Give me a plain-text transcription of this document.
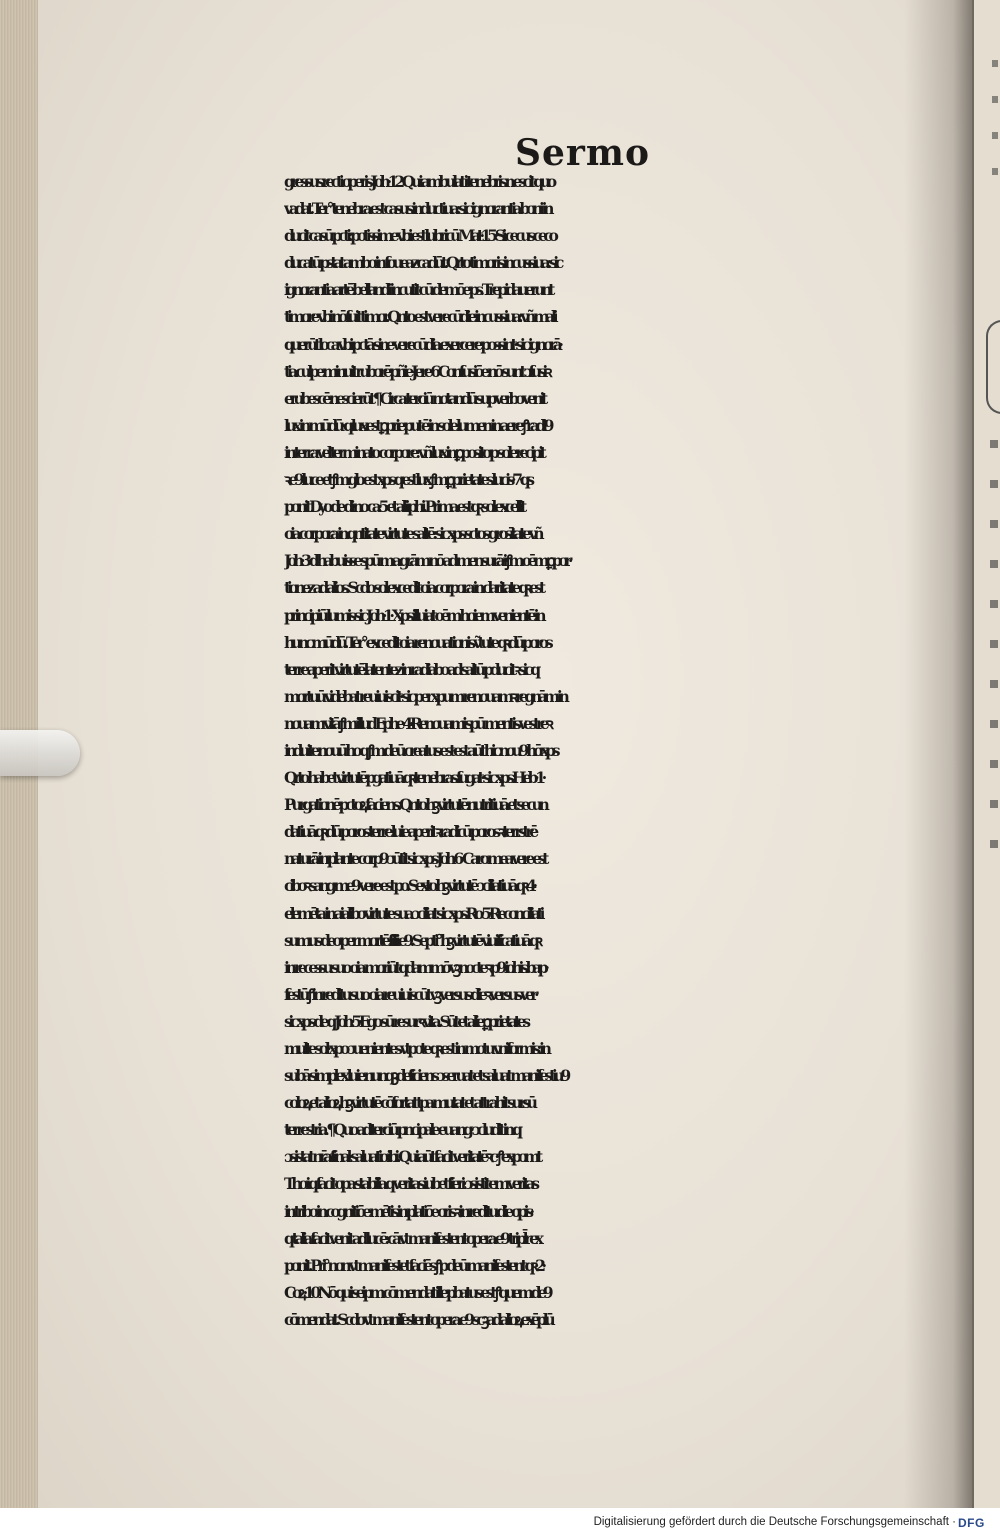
Sermo
gressus recti operis Joh·12·Qui ambulat i tenebris n escit quo
vadat. Ter° tenebra est casus inductiua: sic ignorantia boni in
ducit casū pcti: potissime vbi est lubricū Mat·15·Si cecus ceco
ducatū pstat ambo in foueaz cadūt. Qrto timoris incussiua: sic
ignorantia artē bellandi incutit cū demōe ps. Trepidauerunt
timore vbi nō fuit timor. Qnto est verecūdie incussiua: vñ mali
querūt loca vbi pctā sine verecūdia exercere possint· sic ignorā·
tia culpe minuit ruborē pñie Jere·6·Confusiōe nō sunt ɔfusi ꝛ
erubescē nescierūt ¶ Circa terciū notandū sup verbo venit
lux in mūdū· q lux est ꝑprie put ē in sole lumen in aere ꝭ radi9
in terra vel terminato corpore: vñ lux in ꝑposito p sole recipit
ꝛ e9 luce et ꝭm glo·est xps q est lux ꝭm ꝑprietates lucis·7·qs
ponit Dyo·de di·no·ca·5·et alii phi. Prima est qꝛ sol excellit
oia corpora in qntitate virtute saltē: sic xps sctos grosītate·vñ
Joh·3·d habuisse spū m·a·grām nō ad mensurā·i·ꝭm oēm ꝑpor·
tionez ad alios. Scdo sol excedit oia corpora in claritate qꝛ est
principiū lumis sic Joh·1· Xps illuiat oēm hoiem venientē in
hunc mūdū. Ter° excedit oia renouationis ṽtute qꝛ dū poros
terre aperit virtutē latentez in radiabo ad saltū pducit ꝛ sic q
mortuū videbat reuiuiscit· sic per xpum renouam ꝛ regnām in
nouam vitā ꝭm illud Ephe·4·Renouami spū mentis vestre ꝛ
induite nouū ho·q ꝭm deū creatus est·est aūt hic nou9 hō xps
Qrto habet virtutē pgatiuā qꝛ tenebras fugat· sic xps Heb·1·
Purgationē pctoꝝ faciens. Qnto hꝫ virtutē nutritiuā et secun
datiuā qꝛ dū poros terre luie aperit ꝛ radicū poros ꝛ terrstrē
naturā in plante corp9 ɔūtit sic xps Joh·6· Caro mea vere est
cibo ꝛ sang·me9·vere est po. Sexto hꝫ virtutē ɔciliatiuā qꝛ·4·
elemēta in aialibo virtute sua ɔciliat sic xps Ro·5·Reconciliati
sumus deo per mortē filii e9. Septi° hꝫ virtutē viuificatiuā qꝛ
in recessu suo oia moriūt qdammō vꝫ nocte ꝛ p9 iohis bap·
festū ꝭ in reditu suo oia reuiuiscūt vꝫ versus die ꝛ versus ver·
sic xps de q Joh·5·Ego sū resur·ꝛ vita. Sūt et alie ꝑprietates
multe sol· xpo ɔuenientes vtpote qꝛ est in motu vniformis: in
subā simplex luie nunqꝫ deficiens ɔseruat et saluat manifestiu9
coloꝝ et alioꝝ hꝫ virtutē cōfortat tpa mutat et attrahit sursū
terrestria. ¶ Quo ad terciū pncipale euang· ɔcludit in q
ɔsistat nr̄a final· saluatio ibi. Qui aūt facit veritatē ꝛc· ꝭ expomt
Tho·i·q facit opa stabilia q veritas iubet fieri· ɔsistit em veritas
in tribo in cognitiōe mētis in platiōe oris ꝛ in reditu die opis·
q talia facit venit ad lucē: cā vt manifestent opera e9 tripl̄r ex
ponit. Pri° non vt manifestet faciēs ꝭ p deū manifestent qꝛ·2·
Coꝝ·10·Nō qui seipm cōmendat ille pbatus est ꝭ quem de9
cōmendat. Scdo vt manifestent opera e9 scꝫ ad alioꝝ exēplū
Digitalisierung gefördert durch die Deutsche Forschungsgemeinschaft · DFG
